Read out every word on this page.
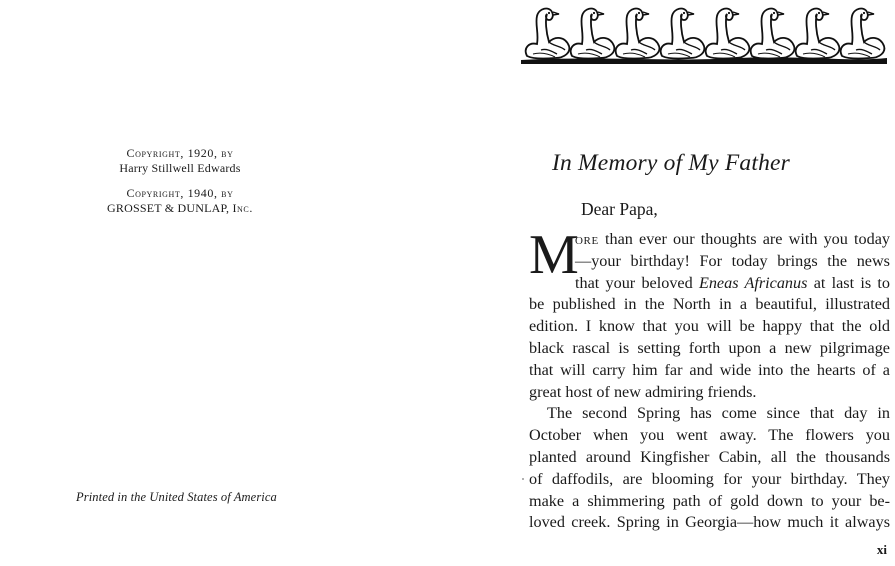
Copyright, 1920, by
Harry Stillwell Edwards
Copyright, 1940, by
GROSSET & DUNLAP, Inc.
Printed in the United States of America
In Memory of My Father
Dear Papa,
M
ore than ever our thoughts are with you today
—your birthday! For today brings the news
that your beloved Eneas Africanus at last is to
be published in the North in a beautiful, illustrated
edition. I know that you will be happy that the old
black rascal is setting forth upon a new pilgrimage
that will carry him far and wide into the hearts of a
great host of new admiring friends.
The second Spring has come since that day in
October when you went away. The flowers you
planted around Kingfisher Cabin, all the thousands
of daffodils, are blooming for your birthday. They
make a shimmering path of gold down to your be-
loved creek. Spring in Georgia—how much it always
xi
